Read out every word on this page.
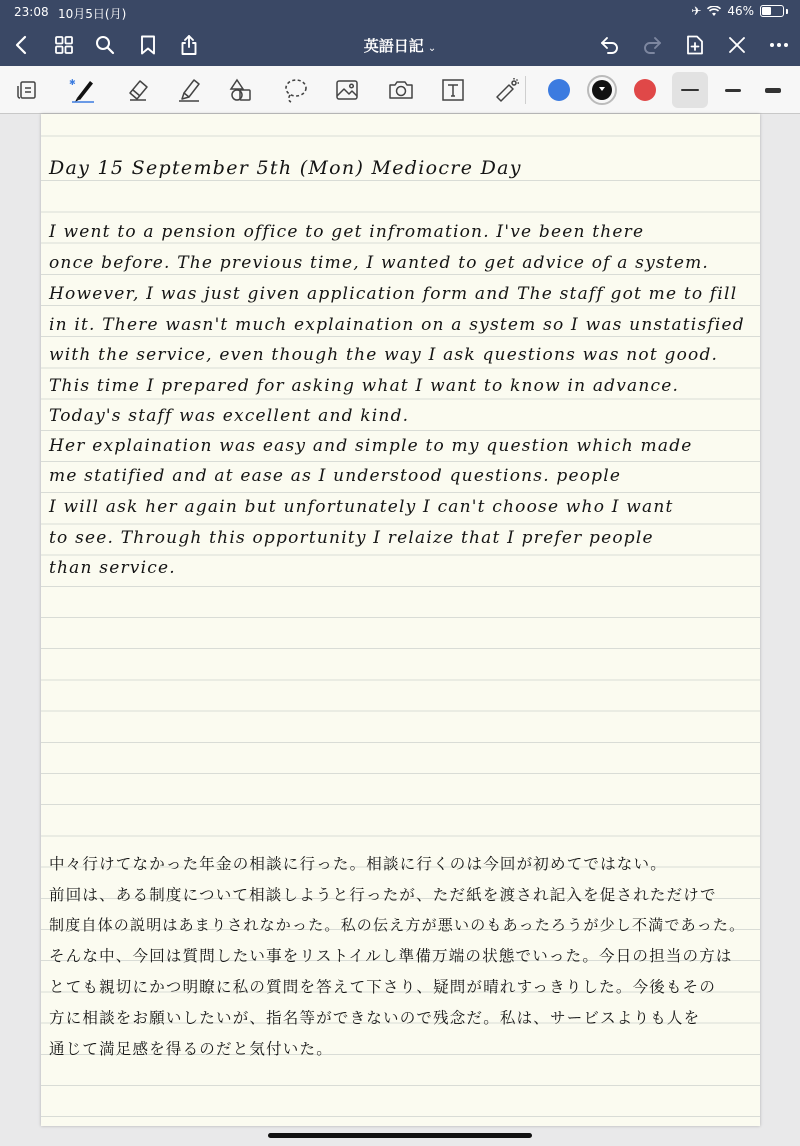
23:08 10月5日(月)	✈ 46%
英語日記 ⌄
✱
Day 15 September 5th (Mon) Mediocre Day
I went to a pension office to get infromation. I've been there
once before. The previous time, I wanted to get advice of a system.
However, I was just given application form and The staff got me to fill
in it. There wasn't much explaination on a system so I was unstatisfied
with the service, even though the way I ask questions was not good.
This time I prepared for asking what I want to know in advance.
Today's staff was excellent and kind.
Her explaination was easy and simple to my question which made
me statified and at ease as I understood questions. people
I will ask her again but unfortunately I can't choose who I want
to see. Through this opportunity I relaize that I prefer people
than service.
中々行けてなかった年金の相談に行った。相談に行くのは今回が初めてではない。
前回は、ある制度について相談しようと行ったが、ただ紙を渡され記入を促されただけで
制度自体の説明はあまりされなかった。私の伝え方が悪いのもあったろうが少し不満であった。
そんな中、今回は質問したい事をリストイルし準備万端の状態でいった。今日の担当の方は
とても親切にかつ明瞭に私の質問を答えて下さり、疑問が晴れすっきりした。今後もその
方に相談をお願いしたいが、指名等ができないので残念だ。私は、サービスよりも人を
通じて満足感を得るのだと気付いた。
